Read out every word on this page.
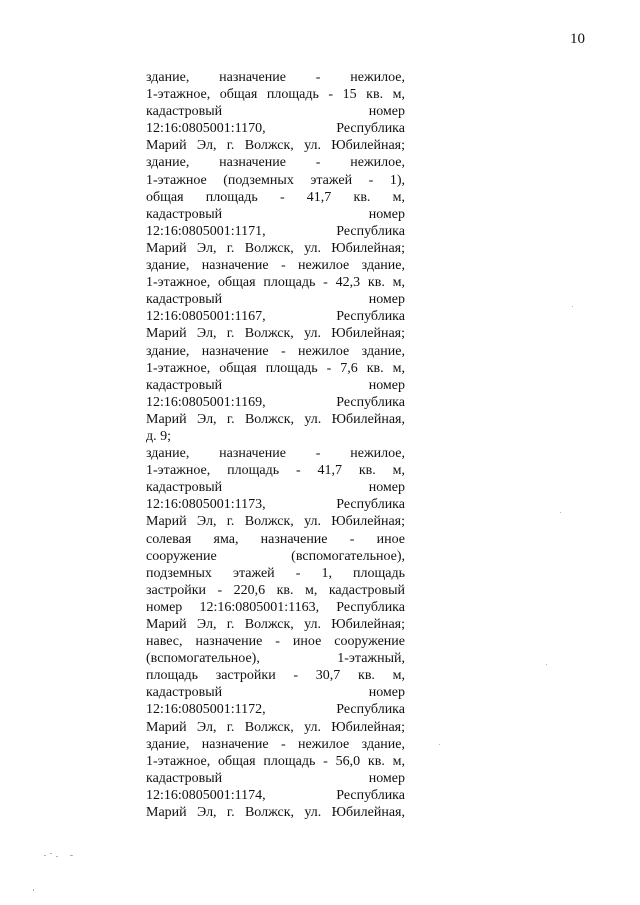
10
здание, назначение - нежилое,
1-этажное, общая площадь - 15 кв. м,
кадастровый номер
12:16:0805001:1170, Республика
Марий Эл, г. Волжск, ул. Юбилейная;
здание, назначение - нежилое,
1-этажное (подземных этажей - 1),
общая площадь - 41,7 кв. м,
кадастровый номер
12:16:0805001:1171, Республика
Марий Эл, г. Волжск, ул. Юбилейная;
здание, назначение - нежилое здание,
1-этажное, общая площадь - 42,3 кв. м,
кадастровый номер
12:16:0805001:1167, Республика
Марий Эл, г. Волжск, ул. Юбилейная;
здание, назначение - нежилое здание,
1-этажное, общая площадь - 7,6 кв. м,
кадастровый номер
12:16:0805001:1169, Республика
Марий Эл, г. Волжск, ул. Юбилейная,
д. 9;
здание, назначение - нежилое,
1-этажное, площадь - 41,7 кв. м,
кадастровый номер
12:16:0805001:1173, Республика
Марий Эл, г. Волжск, ул. Юбилейная;
солевая яма, назначение - иное
сооружение (вспомогательное),
подземных этажей - 1, площадь
застройки - 220,6 кв. м, кадастровый
номер 12:16:0805001:1163, Республика
Марий Эл, г. Волжск, ул. Юбилейная;
навес, назначение - иное сооружение
(вспомогательное), 1-этажный,
площадь застройки - 30,7 кв. м,
кадастровый номер
12:16:0805001:1172, Республика
Марий Эл, г. Волжск, ул. Юбилейная;
здание, назначение - нежилое здание,
1-этажное, общая площадь - 56,0 кв. м,
кадастровый номер
12:16:0805001:1174, Республика
Марий Эл, г. Волжск, ул. Юбилейная,
